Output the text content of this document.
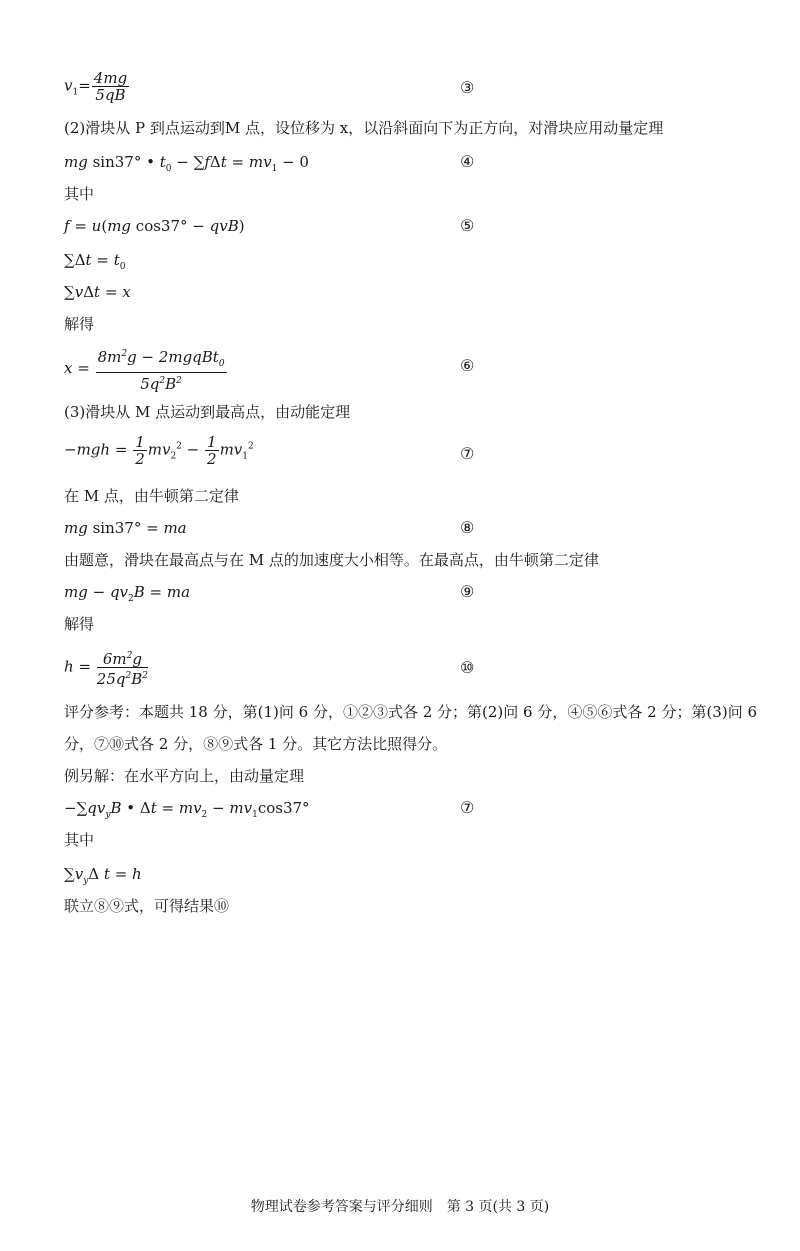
$v_1= \frac{4mg}{5qB}$	③
(2)滑块从 P 到点运动到M 点，设位移为 x，以沿斜面向下为正方向，对滑块应用动量定理
mg sin37° • $t_0 - \sum f\Delta t = mv_1 - 0$	④
其中
f = u(mg cos37° − qvB)	⑤
$\sum\Delta t = t_0$
∑vΔt = x
解得
$x = \frac{8m^2g - 2mgqBt_0}{5q^2B^2}$	⑥
(3)滑块从 M 点运动到最高点，由动能定理
$-mgh = \frac{1}{2} mv_2^2 - \frac{1}{2} mv_1^2$	⑦
在 M 点，由牛顿第二定律
mg sin37° = ma	⑧
由题意，滑块在最高点与在 M 点的加速度大小相等。在最高点，由牛顿第二定律
mg − $qv_2B$ = ma	⑨
解得
$h = \frac{6m^2g}{25q^2B^2}$	⑩
评分参考：本题共 18 分，第(1)问 6 分，①②③式各 2 分；第(2)问 6 分，④⑤⑥式各 2 分；第(3)问 6
分，⑦⑩式各 2 分，⑧⑨式各 1 分。其它方法比照得分。
例另解：在水平方向上，由动量定理
$-\sum qv_yB$ • $\Delta t = mv_2 - mv_1\cos 37^\circ$	⑦
其中
$\sum v_y\Delta$ t = h
联立⑧⑨式，可得结果⑩
物理试卷参考答案与评分细则　第 3 页(共 3 页)
